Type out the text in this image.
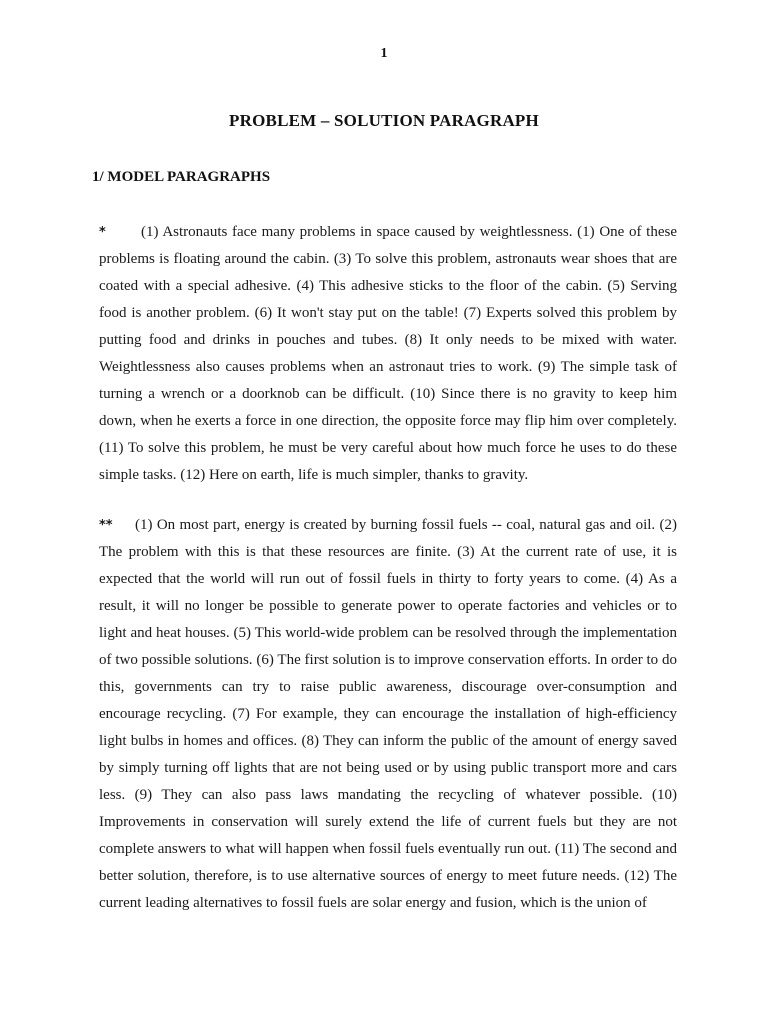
1
PROBLEM – SOLUTION PARAGRAPH
1/ MODEL PARAGRAPHS
* (1) Astronauts face many problems in space caused by weightlessness. (1) One of these problems is floating around the cabin. (3) To solve this problem, astronauts wear shoes that are coated with a special adhesive. (4) This adhesive sticks to the floor of the cabin. (5) Serving food is another problem. (6) It won't stay put on the table! (7) Experts solved this problem by putting food and drinks in pouches and tubes. (8) It only needs to be mixed with water. Weightlessness also causes problems when an astronaut tries to work. (9) The simple task of turning a wrench or a doorknob can be difficult. (10) Since there is no gravity to keep him down, when he exerts a force in one direction, the opposite force may flip him over completely. (11) To solve this problem, he must be very careful about how much force he uses to do these simple tasks. (12) Here on earth, life is much simpler, thanks to gravity.
** (1) On most part, energy is created by burning fossil fuels -- coal, natural gas and oil. (2) The problem with this is that these resources are finite. (3) At the current rate of use, it is expected that the world will run out of fossil fuels in thirty to forty years to come. (4) As a result, it will no longer be possible to generate power to operate factories and vehicles or to light and heat houses. (5) This world-wide problem can be resolved through the implementation of two possible solutions. (6) The first solution is to improve conservation efforts. In order to do this, governments can try to raise public awareness, discourage over-consumption and encourage recycling. (7) For example, they can encourage the installation of high-efficiency light bulbs in homes and offices. (8) They can inform the public of the amount of energy saved by simply turning off lights that are not being used or by using public transport more and cars less. (9) They can also pass laws mandating the recycling of whatever possible. (10) Improvements in conservation will surely extend the life of current fuels but they are not complete answers to what will happen when fossil fuels eventually run out. (11) The second and better solution, therefore, is to use alternative sources of energy to meet future needs. (12) The current leading alternatives to fossil fuels are solar energy and fusion, which is the union of
